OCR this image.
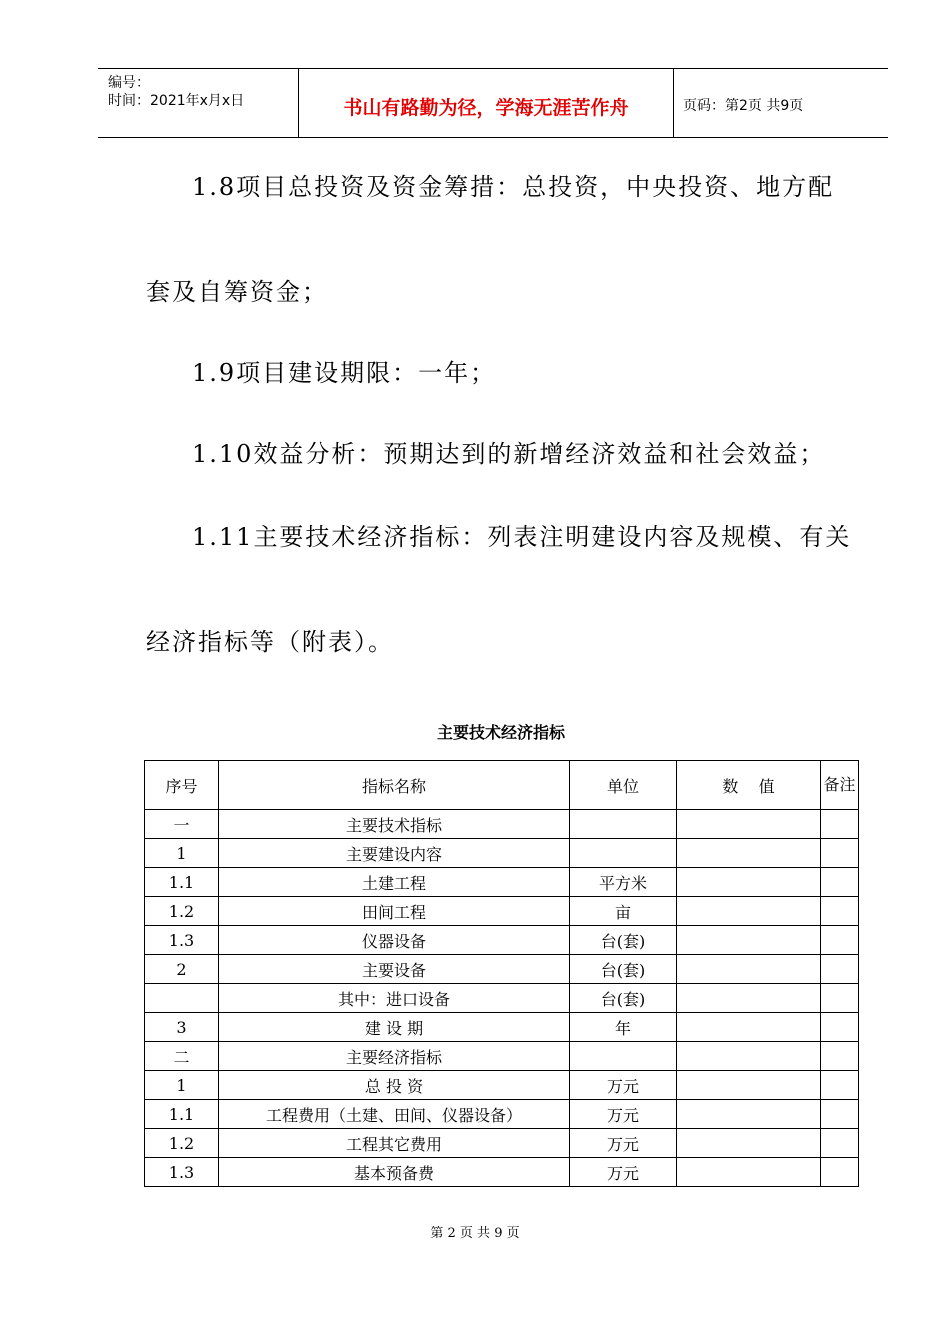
编号：
时间：2021年x月x日	书山有路勤为径，学海无涯苦作舟	页码：第2页 共9页
1.8项目总投资及资金筹措：总投资，中央投资、地方配
套及自筹资金；
1.9项目建设期限：一年；
1.10效益分析：预期达到的新增经济效益和社会效益；
1.11主要技术经济指标：列表注明建设内容及规模、有关
经济指标等（附表）。
主要技术经济指标
序号	指标名称	单位	数    值	备注
一	主要技术指标			
1	主要建设内容			
1.1	土建工程	平方米		
1.2	田间工程	亩		
1.3	仪器设备	台(套)		
2	主要设备	台(套)		
	其中：进口设备	台(套)		
3	建 设 期	年		
二	主要经济指标			
1	总 投 资	万元		
1.1	工程费用（土建、田间、仪器设备）	万元		
1.2	工程其它费用	万元		
1.3	基本预备费	万元		
第 2 页 共 9 页
